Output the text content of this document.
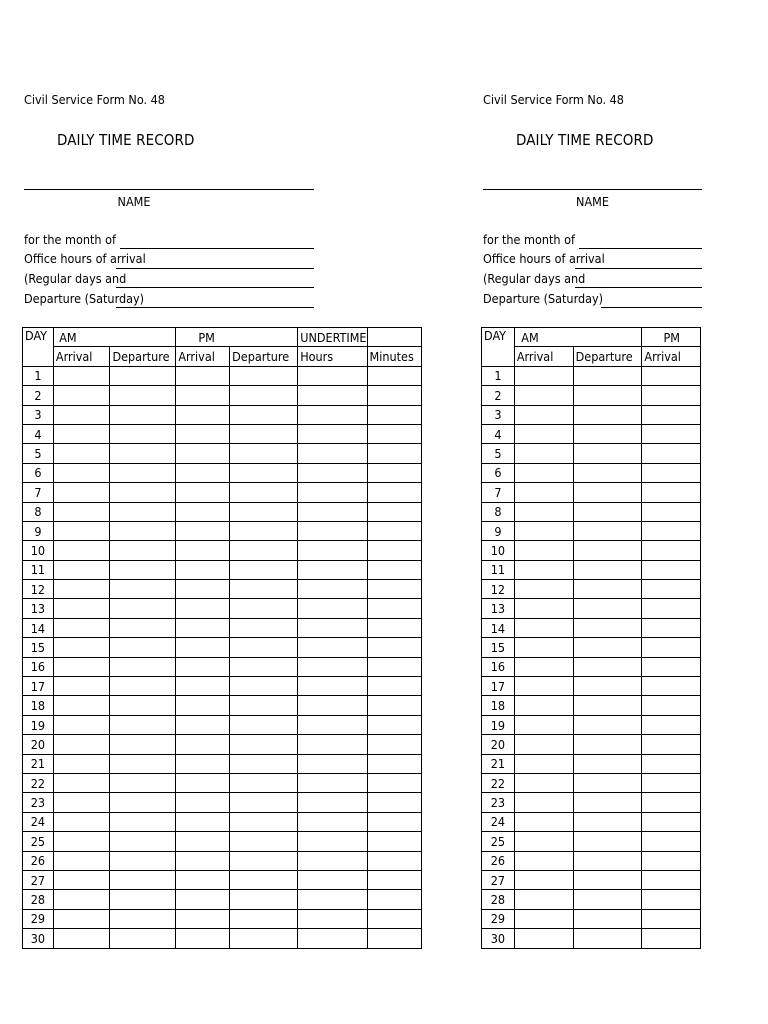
Civil Service Form No. 48
DAILY TIME RECORD
NAME
for the month of
Office hours of arrival
(Regular days and
Departure (Saturday)
DAY	AM		PM		UNDERTIME	
	Arrival	Departure	Arrival	Departure	Hours	Minutes
1						
2						
3						
4						
5						
6						
7						
8						
9						
10						
11						
12						
13						
14						
15						
16						
17						
18						
19						
20						
21						
22						
23						
24						
25						
26						
27						
28						
29						
30						
Civil Service Form No. 48
DAILY TIME RECORD
NAME
for the month of
Office hours of arrival
(Regular days and
Departure (Saturday)
DAY	AM		PM
	Arrival	Departure	Arrival
1			
2			
3			
4			
5			
6			
7			
8			
9			
10			
11			
12			
13			
14			
15			
16			
17			
18			
19			
20			
21			
22			
23			
24			
25			
26			
27			
28			
29			
30			
